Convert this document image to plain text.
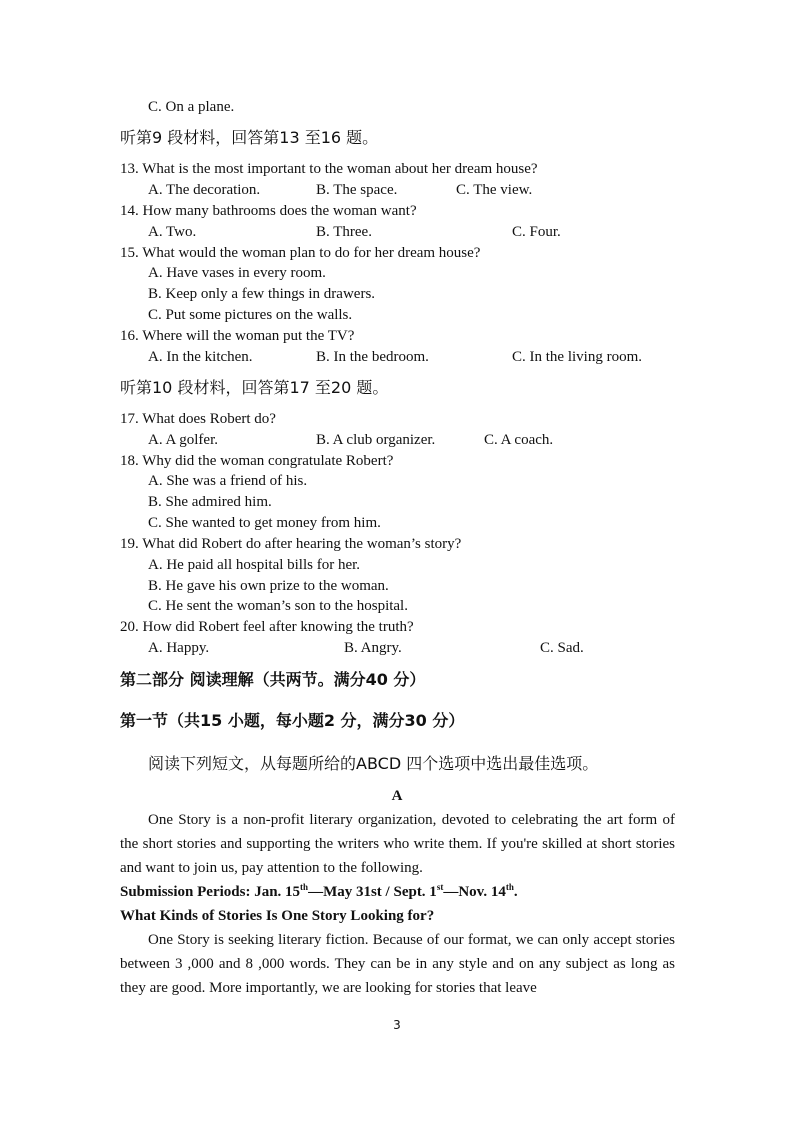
C. On a plane.
听第9 段材料，回答第13 至16 题。
13. What is the most important to the woman about her dream house?
A. The decoration.	B. The space.	C. The view.
14. How many bathrooms does the woman want?
A. Two.	B. Three.	C. Four.
15. What would the woman plan to do for her dream house?
A. Have vases in every room.
B. Keep only a few things in drawers.
C. Put some pictures on the walls.
16. Where will the woman put the TV?
A. In the kitchen.	B. In the bedroom.	C. In the living room.
听第10 段材料，回答第17 至20 题。
17. What does Robert do?
A. A golfer.	B. A club organizer.	C. A coach.
18. Why did the woman congratulate Robert?
A. She was a friend of his.
B. She admired him.
C. She wanted to get money from him.
19. What did Robert do after hearing the woman’s story?
A. He paid all hospital bills for her.
B. He gave his own prize to the woman.
C. He sent the woman’s son to the hospital.
20. How did Robert feel after knowing the truth?
A. Happy.	B. Angry.	C. Sad.
第二部分 阅读理解（共两节。满分40 分）
第一节（共15 小题，每小题2 分，满分30 分）
阅读下列短文，从每题所给的ABCD 四个选项中选出最佳选项。
A
One Story is a non-profit literary organization, devoted to celebrating the art form of the short stories and supporting the writers who write them. If you're skilled at short stories and want to join us, pay attention to the following.
Submission Periods: Jan. 15th—May 31st / Sept. 1st—Nov. 14th.
What Kinds of Stories Is One Story Looking for?
One Story is seeking literary fiction. Because of our format, we can only accept stories between 3 ,000 and 8 ,000 words. They can be in any style and on any subject as long as they are good. More importantly, we are looking for stories that leave
3
